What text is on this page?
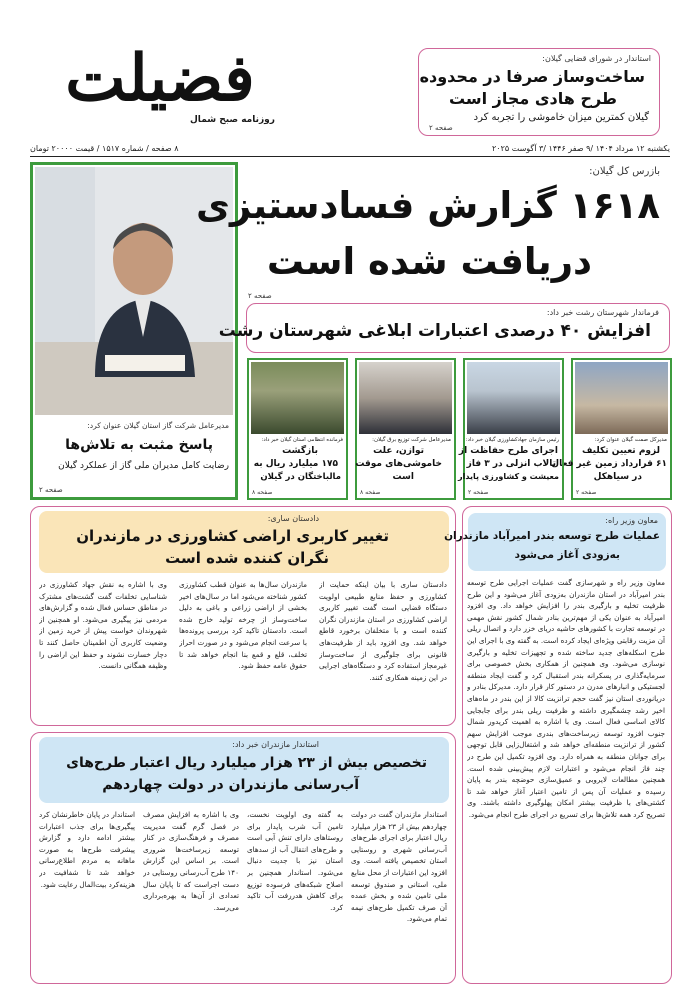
فضیلت
روزنامه صبح شمال
استاندار در شورای قضایی گیلان:
ساخت‌وساز صرفا در محدوده
طرح هادی مجاز است
گیلان کمترین میزان خاموشی را تجربه کرد
صفحه ۲
یکشنبه ۱۲ مرداد ۱۴۰۴ /۹ صفر ۱۴۴۶ /۳ آگوست ۲۰۲۵
۸ صفحه / شماره ۱۵۱۷ / قیمت ۲۰۰۰۰ تومان
مدیرعامل شرکت گاز استان گیلان عنوان کرد:
پاسخ مثبت به تلاش‌ها
رضایت کامل مدیران ملی گاز از عملکرد گیلان
صفحه ۲
بازرس کل گیلان:
۱۶۱۸ گزارش فسادستیزی
دریافت شده است
صفحه ۲
فرماندار شهرستان رشت خبر داد:
افزایش ۴۰ درصدی اعتبارات ابلاغی شهرستان رشت
مدیرکل صمت گیلان عنوان کرد:
لزوم تعیین تکلیف
۶۱ قرارداد زمین غیر فعال
در سیاهکل
صفحه ۲
رئیس سازمان جهادکشاورزی گیلان خبر داد:
اجرای طرح حفاظت از
تالاب انزلی در ۳ فاز
معیشت و کشاورزی پایدار
صفحه ۲
مدیرعامل شرکت توزیع برق گیلان:
توازن، علت
خاموشی‌های موقت
است
صفحه ۸
فرمانده انتظامی استان گیلان خبر داد:
بازگشت
۱۷۵ میلیارد ریال به
مالباختگان در گیلان
صفحه ۸
دادستان ساری:
تغییر کاربری اراضی کشاورزی در مازندران
نگران کننده شده است
دادستان ساری با بیان اینکه حمایت از کشاورزی و حفظ منابع طبیعی اولویت دستگاه قضایی است گفت تغییر کاربری اراضی کشاورزی در استان مازندران نگران کننده است و با متخلفان برخورد قاطع خواهد شد. وی افزود باید از ظرفیت‌های قانونی برای جلوگیری از ساخت‌وساز غیرمجاز استفاده کرد و دستگاه‌های اجرایی در این زمینه همکاری کنند.
مازندران سال‌ها به عنوان قطب کشاورزی کشور شناخته می‌شود اما در سال‌های اخیر بخشی از اراضی زراعی و باغی به دلیل ساخت‌وساز از چرخه تولید خارج شده است. دادستان تاکید کرد بررسی پرونده‌ها با سرعت انجام می‌شود و در صورت احراز تخلف، قلع و قمع بنا انجام خواهد شد تا حقوق عامه حفظ شود.
وی با اشاره به نقش جهاد کشاورزی در شناسایی تخلفات گفت گشت‌های مشترک در مناطق حساس فعال شده و گزارش‌های مردمی نیز پیگیری می‌شود. او همچنین از شهروندان خواست پیش از خرید زمین از وضعیت کاربری آن اطمینان حاصل کنند تا دچار خسارت نشوند و حفظ این اراضی را وظیفه همگانی دانست.
معاون وزیر راه:
عملیات طرح توسعه بندر امیرآباد مازندران
به‌زودی آغاز می‌شود
معاون وزیر راه و شهرسازی گفت عملیات اجرایی طرح توسعه بندر امیرآباد در استان مازندران به‌زودی آغاز می‌شود و این طرح ظرفیت تخلیه و بارگیری بندر را افزایش خواهد داد. وی افزود امیرآباد به عنوان یکی از مهم‌ترین بنادر شمال کشور نقش مهمی در توسعه تجارت با کشورهای حاشیه دریای خزر دارد و اتصال ریلی آن مزیت رقابتی ویژه‌ای ایجاد کرده است. به گفته وی با اجرای این طرح اسکله‌های جدید ساخته شده و تجهیزات تخلیه و بارگیری نوسازی می‌شود. وی همچنین از همکاری بخش خصوصی برای سرمایه‌گذاری در پسکرانه بندر استقبال کرد و گفت ایجاد منطقه لجستیکی و انبارهای مدرن در دستور کار قرار دارد. مدیرکل بنادر و دریانوردی استان نیز گفت حجم ترانزیت کالا از این بندر در ماه‌های اخیر رشد چشمگیری داشته و ظرفیت ریلی بندر برای جابجایی کالای اساسی فعال است. وی با اشاره به اهمیت کریدور شمال جنوب افزود توسعه زیرساخت‌های بندری موجب افزایش سهم کشور از ترانزیت منطقه‌ای خواهد شد و اشتغال‌زایی قابل توجهی برای جوانان منطقه به همراه دارد. وی افزود تکمیل این طرح در چند فاز انجام می‌شود و اعتبارات لازم پیش‌بینی شده است. همچنین مطالعات لایروبی و عمیق‌سازی حوضچه بندر به پایان رسیده و عملیات آن پس از تامین اعتبار آغاز خواهد شد تا کشتی‌های با ظرفیت بیشتر امکان پهلوگیری داشته باشند. وی تصریح کرد همه تلاش‌ها برای تسریع در اجرای طرح انجام می‌شود.
استاندار مازندران خبر داد:
تخصیص بیش از ۲۳ هزار میلیارد ریال اعتبار طرح‌های
آب‌رسانی مازندران در دولت چهاردهم
استاندار مازندران گفت در دولت چهاردهم بیش از ۲۳ هزار میلیارد ریال اعتبار برای اجرای طرح‌های آب‌رسانی شهری و روستایی استان تخصیص یافته است. وی افزود این اعتبارات از محل منابع ملی، استانی و صندوق توسعه ملی تامین شده و بخش عمده آن صرف تکمیل طرح‌های نیمه تمام می‌شود.
به گفته وی اولویت نخست، تامین آب شرب پایدار برای روستاهای دارای تنش آبی است و طرح‌های انتقال آب از سدهای استان نیز با جدیت دنبال می‌شود. استاندار همچنین بر اصلاح شبکه‌های فرسوده توزیع برای کاهش هدررفت آب تاکید کرد.
وی با اشاره به افزایش مصرف در فصل گرم گفت مدیریت مصرف و فرهنگ‌سازی در کنار توسعه زیرساخت‌ها ضروری است. بر اساس این گزارش ۱۴۰ طرح آب‌رسانی روستایی در دست اجراست که تا پایان سال تعدادی از آن‌ها به بهره‌برداری می‌رسد.
استاندار در پایان خاطرنشان کرد پیگیری‌ها برای جذب اعتبارات بیشتر ادامه دارد و گزارش پیشرفت طرح‌ها به صورت ماهانه به مردم اطلاع‌رسانی خواهد شد تا شفافیت در هزینه‌کرد بیت‌المال رعایت شود.
